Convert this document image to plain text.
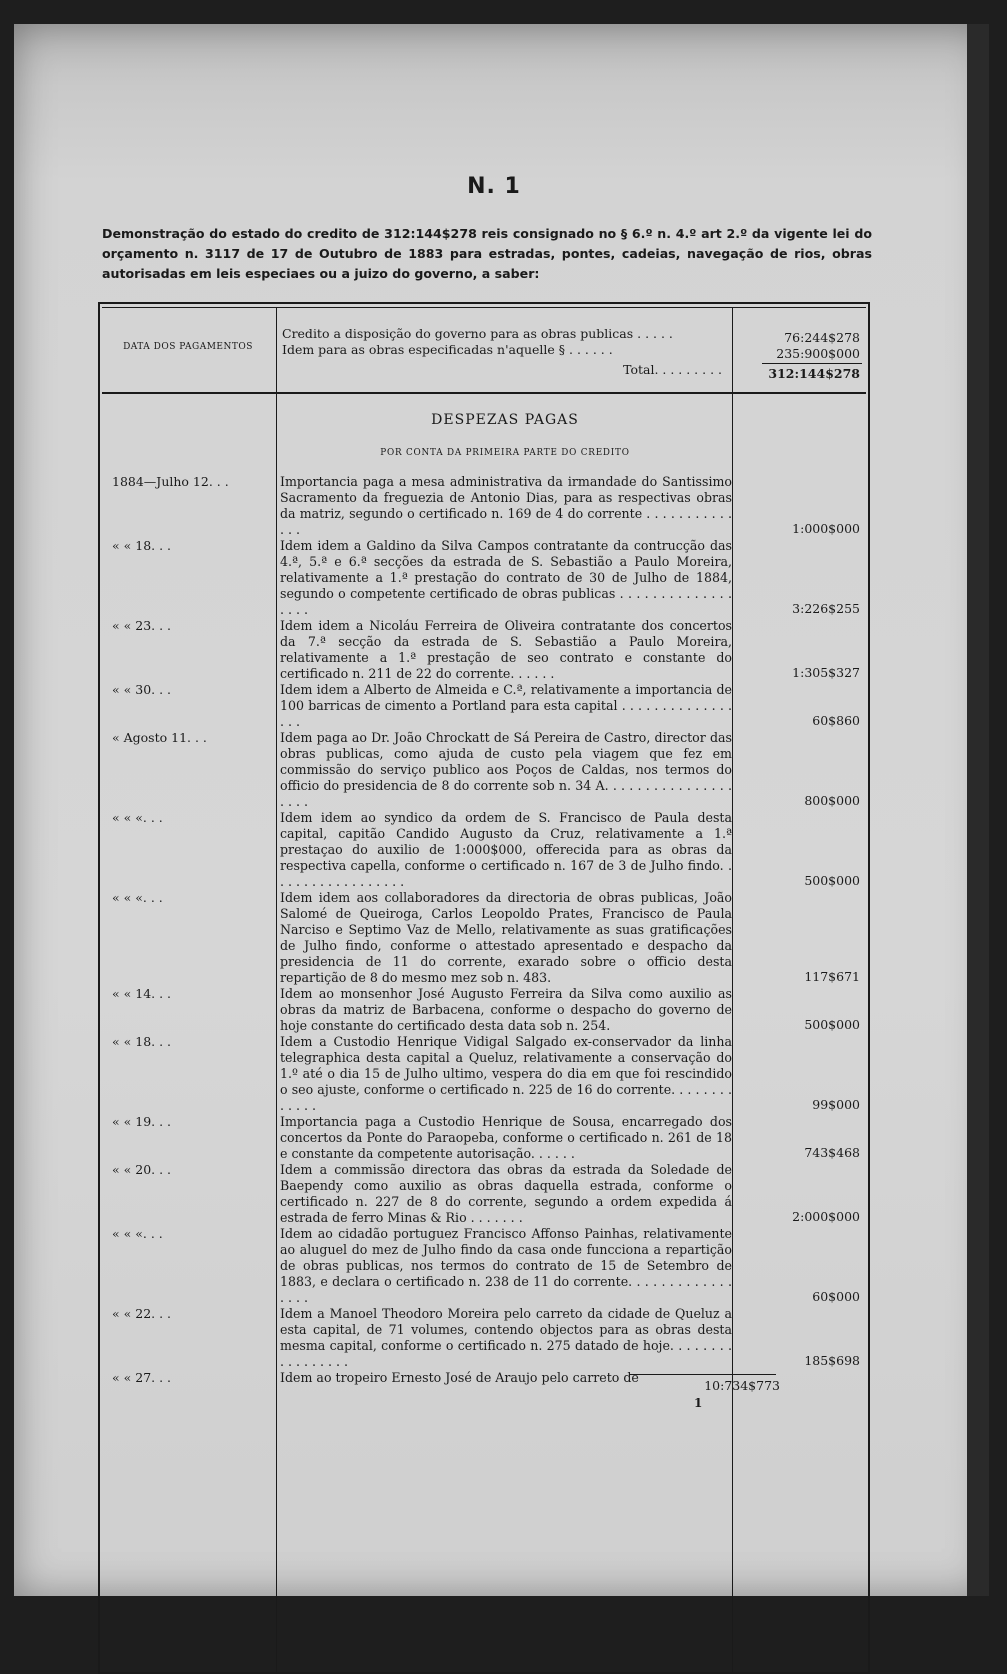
N. 1
Demonstração do estado do credito de 312:144$278 reis consignado no § 6.º n. 4.º art 2.º da vigente lei do orçamento n. 3117 de 17 de Outubro de 1883 para estradas, pontes, cadeias, navegação de rios, obras autorisadas em leis especiaes ou a juizo do governo, a saber:
DATA DOS PAGAMENTOS
Credito a disposição do governo para as obras publicas . . . . .	76:244$278
Idem para as obras especificadas n'aquelle § . . . . . .	235:900$000
Total. . . . . . . . .	312:144$278
DESPEZAS PAGAS
POR CONTA DA PRIMEIRA PARTE DO CREDITO
1884—Julho 12. . .	Importancia paga a mesa administrativa da irmandade do Santissimo Sacramento da freguezia de Antonio Dias, para as respectivas obras da matriz, segundo o certificado n. 169 de 4 do corrente . . . . . . . . . . . . . .	1:000$000
« « 18. . .	Idem idem a Galdino da Silva Campos contratante da contrucção das 4.ª, 5.ª e 6.ª secções da estrada de S. Sebastião a Paulo Moreira, relativamente a 1.ª prestação do contrato de 30 de Julho de 1884, segundo o competente certificado de obras publicas . . . . . . . . . . . . . . . . . .	3:226$255
« « 23. . .	Idem idem a Nicoláu Ferreira de Oliveira contratante dos concertos da 7.ª secção da estrada de S. Sebastião a Paulo Moreira, relativamente a 1.ª prestação de seo contrato e constante do certificado n. 211 de 22 do corrente. . . . . .	1:305$327
« « 30. . .	Idem idem a Alberto de Almeida e C.ª, relativamente a importancia de 100 barricas de cimento a Portland para esta capital . . . . . . . . . . . . . . . . .	60$860
« Agosto 11. . .	Idem paga ao Dr. João Chrockatt de Sá Pereira de Castro, director das obras publicas, como ajuda de custo pela viagem que fez em commissão do serviço publico aos Poços de Caldas, nos termos do officio do presidencia de 8 do corrente sob n. 34 A. . . . . . . . . . . . . . . . . . . .	800$000
« « «. . .	Idem idem ao syndico da ordem de S. Francisco de Paula desta capital, capitão Candido Augusto da Cruz, relativamente a 1.ª prestaçao do auxilio de 1:000$000, offerecida para as obras da respectiva capella, conforme o certificado n. 167 de 3 de Julho findo. . . . . . . . . . . . . . . . . .	500$000
« « «. . .	Idem idem aos collaboradores da directoria de obras publicas, João Salomé de Queiroga, Carlos Leopoldo Prates, Francisco de Paula Narciso e Septimo Vaz de Mello, relativamente as suas gratificações de Julho findo, conforme o attestado apresentado e despacho da presidencia de 11 do corrente, exarado sobre o officio desta repartição de 8 do mesmo mez sob n. 483.	117$671
« « 14. . .	Idem ao monsenhor José Augusto Ferreira da Silva como auxilio as obras da matriz de Barbacena, conforme o despacho do governo de hoje constante do certificado desta data sob n. 254.	500$000
« « 18. . .	Idem a Custodio Henrique Vidigal Salgado ex-conservador da linha telegraphica desta capital a Queluz, relativamente a conservação do 1.º até o dia 15 de Julho ultimo, vespera do dia em que foi rescindido o seo ajuste, conforme o certificado n. 225 de 16 do corrente. . . . . . . . . . . . .	99$000
« « 19. . .	Importancia paga a Custodio Henrique de Sousa, encarregado dos concertos da Ponte do Paraopeba, conforme o certificado n. 261 de 18 e constante da competente autorisação. . . . . .	743$468
« « 20. . .	Idem a commissão directora das obras da estrada da Soledade de Baependy como auxilio as obras daquella estrada, conforme o certificado n. 227 de 8 do corrente, segundo a ordem expedida á estrada de ferro Minas & Rio . . . . . . .	2:000$000
« « «. . .	Idem ao cidadão portuguez Francisco Affonso Painhas, relativamente ao aluguel do mez de Julho findo da casa onde funcciona a repartição de obras publicas, nos termos do contrato de 15 de Setembro de 1883, e declara o certificado n. 238 de 11 do corrente. . . . . . . . . . . . . . . . .	60$000
« « 22. . .	Idem a Manoel Theodoro Moreira pelo carreto da cidade de Queluz a esta capital, de 71 volumes, contendo objectos para as obras desta mesma capital, conforme o certificado n. 275 datado de hoje. . . . . . . . . . . . . . . . .	185$698
« « 27. . .	Idem ao tropeiro Ernesto José de Araujo pelo carreto de
10:734$773
1
